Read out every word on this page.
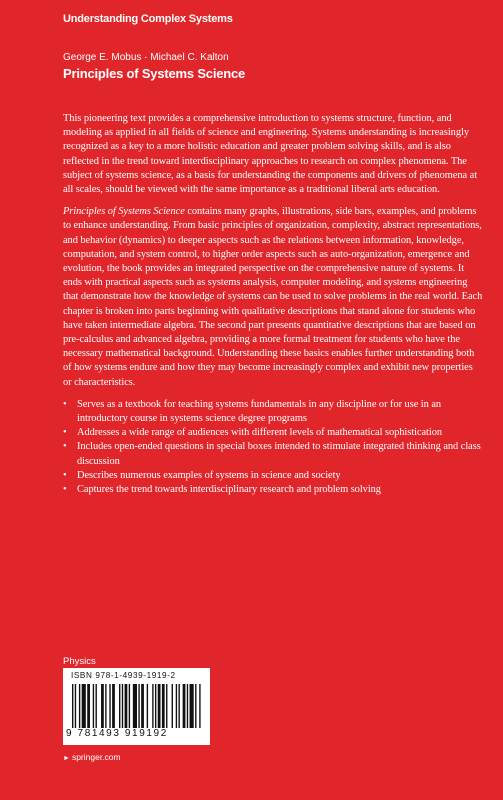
Understanding Complex Systems
George E. Mobus · Michael C. Kalton
Principles of Systems Science

This pioneering text provides a comprehensive introduction to systems structure, function, and modeling as applied in all fields of science and engineering. Systems understanding is increasingly recognized as a key to a more holistic education and greater problem solving skills, and is also reflected in the trend toward interdisciplinary approaches to research on complex phenomena. The subject of systems science, as a basis for understanding the components and drivers of phenomena at all scales, should be viewed with the same importance as a traditional liberal arts education.

Principles of Systems Science contains many graphs, illustrations, side bars, examples, and problems to enhance understanding. From basic principles of organization, complexity, abstract representations, and behavior (dynamics) to deeper aspects such as the relations between information, knowledge, computation, and system control, to higher order aspects such as auto-organization, emergence and evolution, the book provides an integrated perspective on the comprehensive nature of systems. It ends with practical aspects such as systems analysis, computer modeling, and systems engineering that demonstrate how the knowledge of systems can be used to solve problems in the real world. Each chapter is broken into parts beginning with qualitative descriptions that stand alone for students who have taken intermediate algebra. The second part presents quantitative descriptions that are based on pre-calculus and advanced algebra, providing a more formal treatment for students who have the necessary mathematical background. Understanding these basics enables further understanding both of how systems endure and how they may become increasingly complex and exhibit new properties or characteristics.

• Serves as a textbook for teaching systems fundamentals in any discipline or for use in an introductory course in systems science degree programs
• Addresses a wide range of audiences with different levels of mathematical sophistication
• Includes open-ended questions in special boxes intended to stimulate integrated thinking and class discussion
• Describes numerous examples of systems in science and society
• Captures the trend towards interdisciplinary research and problem solving
Physics
ISBN 978-1-4939-1919-2
9 781493 919192
► springer.com
